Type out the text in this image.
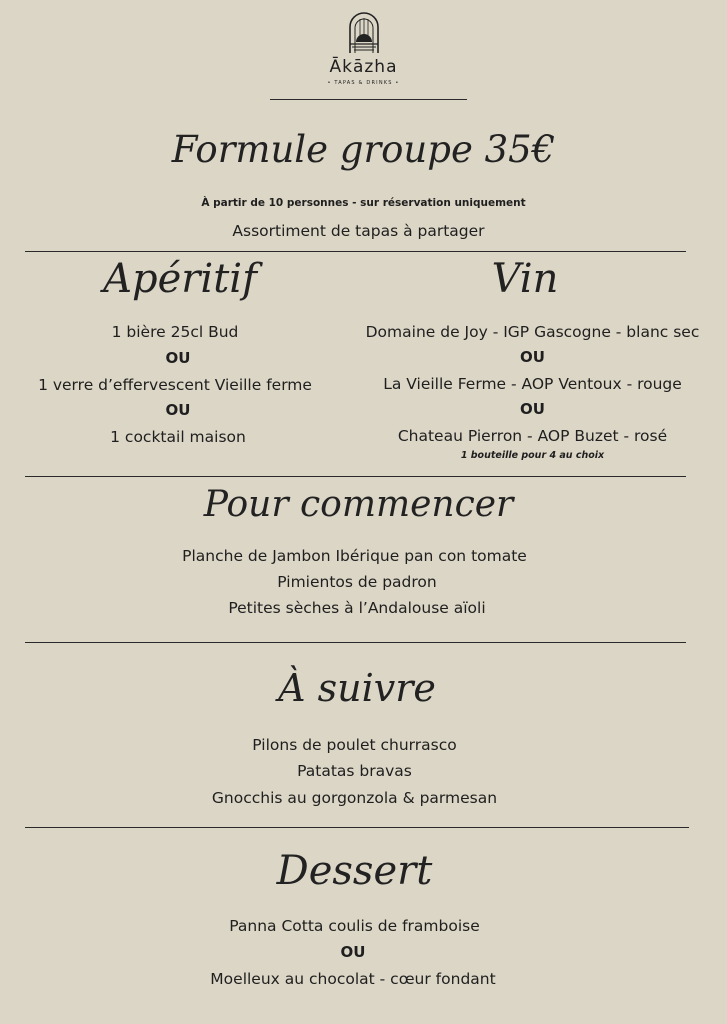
Ākāzha
• TAPAS & DRINKS •
Formule groupe 35€
À partir de 10 personnes - sur réservation uniquement
Assortiment de tapas à partager
Apéritif
1 bière 25cl Bud
OU
1 verre d’effervescent Vieille ferme
OU
1 cocktail maison
Vin
Domaine de Joy - IGP Gascogne - blanc sec
OU
La Vieille Ferme - AOP Ventoux - rouge
OU
Chateau Pierron - AOP Buzet - rosé
1 bouteille pour 4 au choix
Pour commencer
Planche de Jambon Ibérique pan con tomate
Pimientos de padron
Petites sèches à l’Andalouse aïoli
À suivre
Pilons de poulet churrasco
Patatas bravas
Gnocchis au gorgonzola & parmesan
Dessert
Panna Cotta coulis de framboise
OU
Moelleux au chocolat - cœur fondant
